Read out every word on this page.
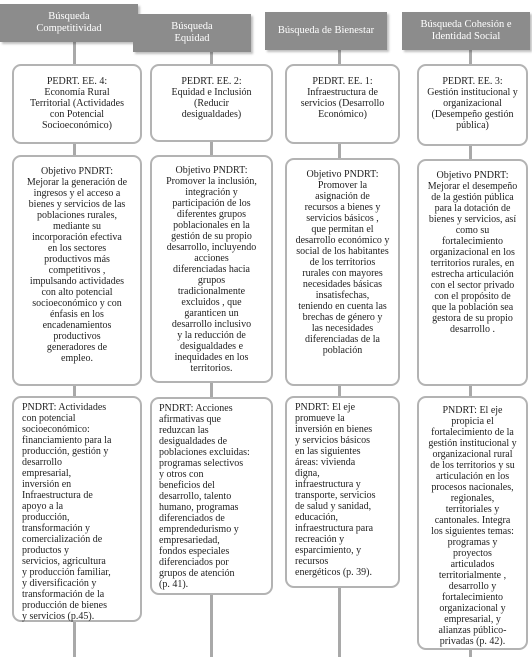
Búsqueda
Competitividad

PEDRT. EE. 4:
Economía Rural
Territorial (Actividades
con Potencial
Socioeconómico)

Objetivo PNDRT:
Mejorar la generación de
ingresos y el acceso a
bienes y servicios de las
poblaciones rurales,
mediante su
incorporación efectiva
en los sectores
productivos más
competitivos ,
impulsando actividades
con alto potencial
socioeconómico y con
énfasis en los
encadenamientos
productivos
generadores de
empleo.

PNDRT: Actividades
con potencial
socioeconómico:
financiamiento para la
producción, gestión y
desarrollo
empresarial,
inversión en
Infraestructura de
apoyo a la
producción,
transformación y
comercialización de
productos y
servicios, agricultura
y producción familiar,
y diversificación y
transformación de la
producción de bienes
y servicios (p.45).

Búsqueda
Equidad

PEDRT. EE. 2:
Equidad e Inclusión
(Reducir
desigualdades)

Objetivo PNDRT:
Promover la inclusión,
integración y
participación de los
diferentes grupos
poblacionales en la
gestión de su propio
desarrollo, incluyendo
acciones
diferenciadas hacia
grupos
tradicionalmente
excluidos , que
garanticen un
desarrollo inclusivo
y la reducción de
desigualdades e
inequidades en los
territorios.

PNDRT: Acciones
afirmativas que
reduzcan las
desigualdades de
poblaciones excluidas:
programas selectivos
y otros con
beneficios del
desarrollo, talento
humano, programas
diferenciados de
emprendedurismo y
empresariedad,
fondos especiales
diferenciados por
grupos de atención
(p. 41).

Búsqueda de Bienestar

PEDRT. EE. 1:
Infraestructura de
servicios (Desarrollo
Económico)

Objetivo PNDRT:
Promover la
asignación de
recursos a bienes y
servicios básicos ,
que permitan el
desarrollo económico y
social de los habitantes
de los territorios
rurales con mayores
necesidades básicas
insatisfechas,
teniendo en cuenta las
brechas de género y
las necesidades
diferenciadas de la
población

PNDRT: El eje
promueve la
inversión en bienes
y servicios básicos
en las siguientes
áreas: vivienda
digna,
infraestructura y
transporte, servicios
de salud y sanidad,
educación,
infraestructura para
recreación y
esparcimiento, y
recursos
energéticos (p. 39).

Búsqueda Cohesión e
Identidad Social

PEDRT. EE. 3:
Gestión institucional y
organizacional
(Desempeño gestión
pública)

Objetivo PNDRT:
Mejorar el desempeño
de la gestión pública
para la dotación de
bienes y servicios, así
como su
fortalecimiento
organizacional en los
territorios rurales, en
estrecha articulación
con el sector privado
con el propósito de
que la población sea
gestora de su propio
desarrollo .

PNDRT: El eje
propicia el
fortalecimiento de la
gestión institucional y
organizacional rural
de los territorios y su
articulación en los
procesos nacionales,
regionales,
territoriales y
cantonales. Integra
los siguientes temas:
programas y
proyectos
articulados
territorialmente ,
desarrollo y
fortalecimiento
organizacional y
empresarial, y
alianzas público-
privadas (p. 42).
